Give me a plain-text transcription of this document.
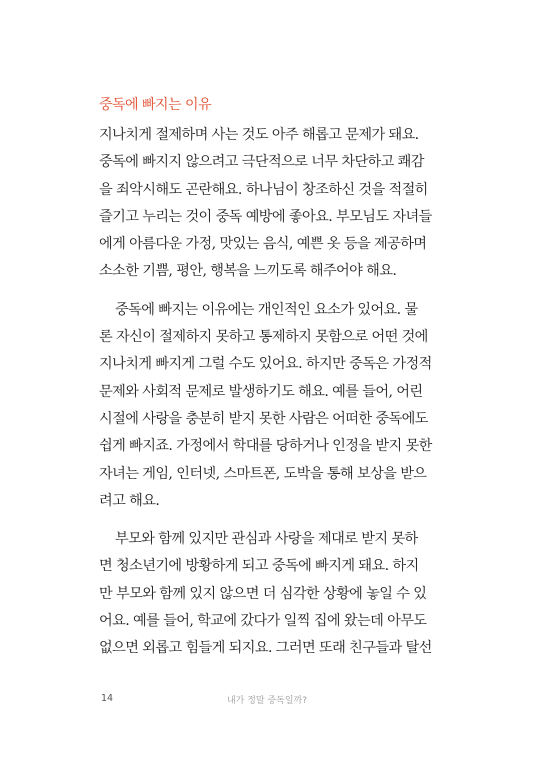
중독에 빠지는 이유
지나치게 절제하며 사는 것도 아주 해롭고 문제가 돼요.
중독에 빠지지 않으려고 극단적으로 너무 차단하고 쾌감
을 죄악시해도 곤란해요. 하나님이 창조하신 것을 적절히
즐기고 누리는 것이 중독 예방에 좋아요. 부모님도 자녀들
에게 아름다운 가정, 맛있는 음식, 예쁜 옷 등을 제공하며
소소한 기쁨, 평안, 행복을 느끼도록 해주어야 해요.
중독에 빠지는 이유에는 개인적인 요소가 있어요. 물
론 자신이 절제하지 못하고 통제하지 못함으로 어떤 것에
지나치게 빠지게 그럴 수도 있어요. 하지만 중독은 가정적
문제와 사회적 문제로 발생하기도 해요. 예를 들어, 어린
시절에 사랑을 충분히 받지 못한 사람은 어떠한 중독에도
쉽게 빠지죠. 가정에서 학대를 당하거나 인정을 받지 못한
자녀는 게임, 인터넷, 스마트폰, 도박을 통해 보상을 받으
려고 해요.
부모와 함께 있지만 관심과 사랑을 제대로 받지 못하
면 청소년기에 방황하게 되고 중독에 빠지게 돼요. 하지
만 부모와 함께 있지 않으면 더 심각한 상황에 놓일 수 있
어요. 예를 들어, 학교에 갔다가 일찍 집에 왔는데 아무도
없으면 외롭고 힘들게 되지요. 그러면 또래 친구들과 탈선
14	내가 정말 중독일까?
